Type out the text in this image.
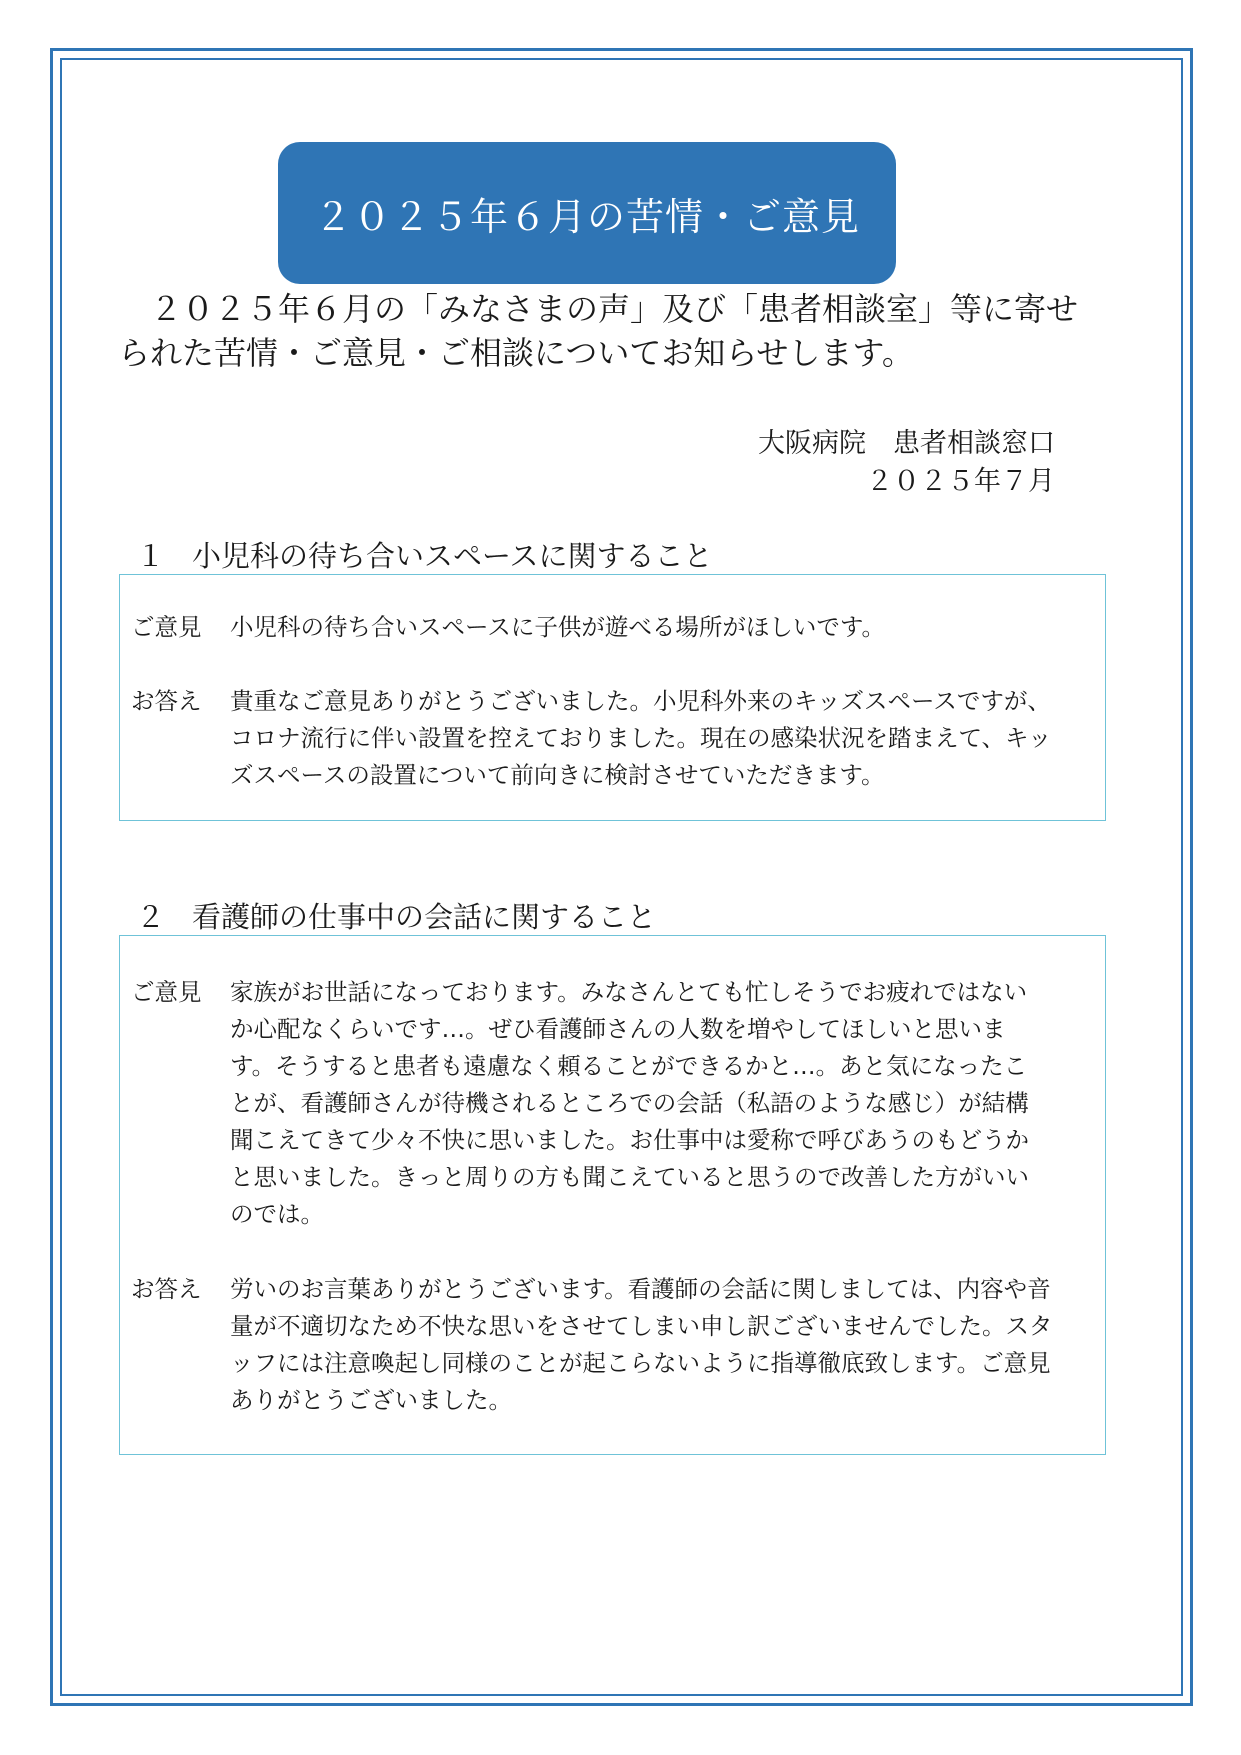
２０２５年６月の苦情・ご意見

２０２５年６月の「みなさまの声」及び「患者相談室」等に寄せ

られた苦情・ご意見・ご相談についてお知らせします。

大阪病院　患者相談窓口
２０２５年７月
１ 小児科の待ち合いスペースに関すること
ご意見 小児科の待ち合いスペースに子供が遊べる場所がほしいです。

お答え 貴重なご意見ありがとうございました。小児科外来のキッズスペースですが、

コロナ流行に伴い設置を控えておりました。現在の感染状況を踏まえて、キッ

ズスペースの設置について前向きに検討させていただきます。

２ 看護師の仕事中の会話に関すること
ご意見 家族がお世話になっております。みなさんとても忙しそうでお疲れではない

か心配なくらいです…。ぜひ看護師さんの人数を増やしてほしいと思いま

す。そうすると患者も遠慮なく頼ることができるかと…。あと気になったこ

とが、看護師さんが待機されるところでの会話（私語のような感じ）が結構

聞こえてきて少々不快に思いました。お仕事中は愛称で呼びあうのもどうか

と思いました。きっと周りの方も聞こえていると思うので改善した方がいい

のでは。

お答え 労いのお言葉ありがとうございます。看護師の会話に関しましては、内容や音

量が不適切なため不快な思いをさせてしまい申し訳ございませんでした。スタ

ッフには注意喚起し同様のことが起こらないように指導徹底致します。ご意見

ありがとうございました。
